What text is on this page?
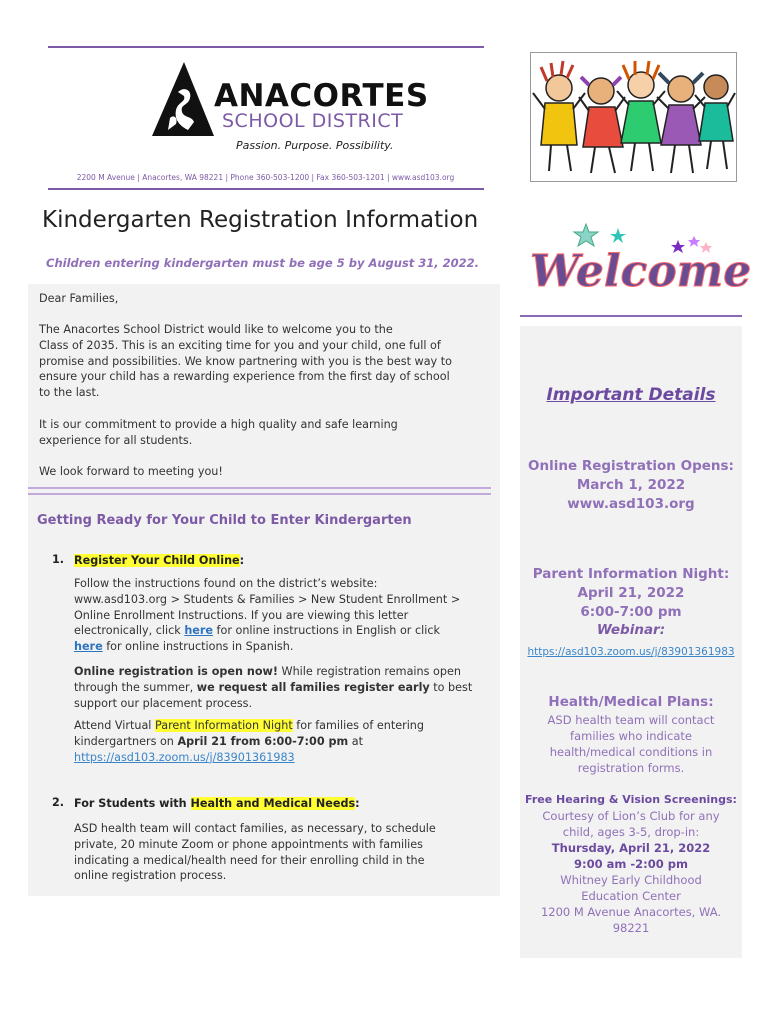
ANACORTES
SCHOOL DISTRICT
Passion. Purpose. Possibility.
2200 M Avenue | Anacortes, WA 98221 | Phone 360-503-1200 | Fax 360-503-1201 | www.asd103.org
Welcome
Kindergarten Registration Information
Children entering kindergarten must be age 5 by August 31, 2022.

Dear Families,

The Anacortes School District would like to welcome you to the

Class of 2035. This is an exciting time for you and your child, one full of

promise and possibilities. We know partnering with you is the best way to

ensure your child has a rewarding experience from the first day of school

to the last.

It is our commitment to provide a high quality and safe learning

experience for all students.

We look forward to meeting you!

Getting Ready for Your Child to Enter Kindergarten
1. Register Your Child Online:

Follow the instructions found on the district’s website:

www.asd103.org > Students & Families > New Student Enrollment >

Online Enrollment Instructions. If you are viewing this letter

electronically, click here for online instructions in English or click

here for online instructions in Spanish.

Online registration is open now! While registration remains open

through the summer, we request all families register early to best

support our placement process.

Attend Virtual Parent Information Night for families of entering

kindergartners on April 21 from 6:00-7:00 pm at

https://asd103.zoom.us/j/83901361983

2. For Students with Health and Medical Needs:

ASD health team will contact families, as necessary, to schedule

private, 20 minute Zoom or phone appointments with families

indicating a medical/health need for their enrolling child in the

online registration process.

Important Details

Online Registration Opens:

March 1, 2022

www.asd103.org

Parent Information Night:

April 21, 2022

6:00-7:00 pm

Webinar:

https://asd103.zoom.us/j/83901361983

Health/Medical Plans:

ASD health team will contact

families who indicate

health/medical conditions in

registration forms.

Free Hearing & Vision Screenings:

Courtesy of Lion’s Club for any

child, ages 3-5, drop-in:

Thursday, April 21, 2022

9:00 am -2:00 pm

Whitney Early Childhood

Education Center

1200 M Avenue Anacortes, WA.

98221
